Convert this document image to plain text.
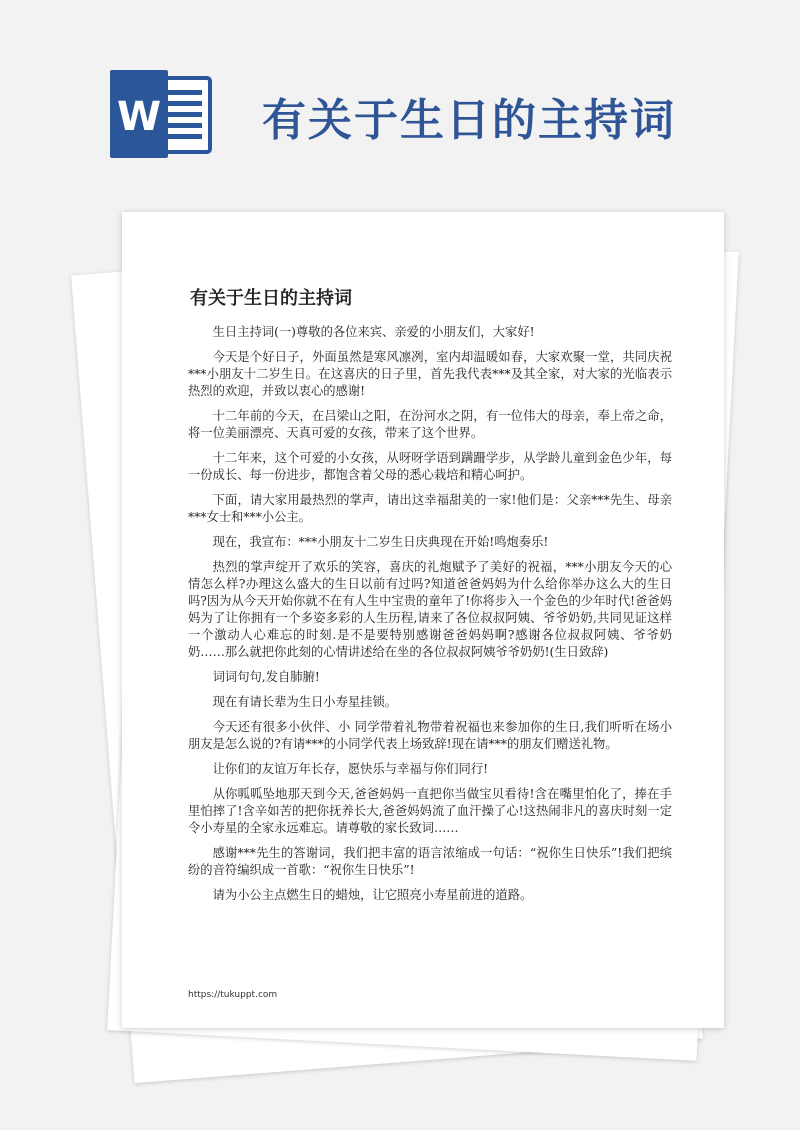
W 有关于生日的主持词
有关于生日的主持词

生日主持词(一)尊敬的各位来宾、亲爱的小朋友们，大家好!

今天是个好日子，外面虽然是寒风凛冽，室内却温暖如春，大家欢聚一堂，共同庆祝***小朋友十二岁生日。在这喜庆的日子里，首先我代表***及其全家，对大家的光临表示热烈的欢迎，并致以衷心的感谢!

十二年前的今天，在吕梁山之阳，在汾河水之阴，有一位伟大的母亲，奉上帝之命，将一位美丽漂亮、天真可爱的女孩，带来了这个世界。

十二年来，这个可爱的小女孩，从呀呀学语到蹒跚学步，从学龄儿童到金色少年，每一份成长、每一份进步，都饱含着父母的悉心栽培和精心呵护。

下面，请大家用最热烈的掌声，请出这幸福甜美的一家!他们是：父亲***先生、母亲***女士和***小公主。

现在，我宣布：***小朋友十二岁生日庆典现在开始!鸣炮奏乐!

热烈的掌声绽开了欢乐的笑容，喜庆的礼炮赋予了美好的祝福，***小朋友今天的心情怎么样?办理这么盛大的生日以前有过吗?知道爸爸妈妈为什么给你举办这么大的生日吗?因为从今天开始你就不在有人生中宝贵的童年了!你将步入一个金色的少年时代!爸爸妈妈为了让你拥有一个多姿多彩的人生历程,请来了各位叔叔阿姨、爷爷奶奶,共同见证这样一个激动人心难忘的时刻.是不是要特别感谢爸爸妈妈啊?感谢各位叔叔阿姨、爷爷奶奶……那么就把你此刻的心情讲述给在坐的各位叔叔阿姨爷爷奶奶!(生日致辞)

词词句句,发自肺腑!

现在有请长辈为生日小寿星挂锁。

今天还有很多小伙伴、小 同学带着礼物带着祝福也来参加你的生日,我们听听在场小朋友是怎么说的?有请***的小同学代表上场致辞!现在请***的朋友们赠送礼物。

让你们的友谊万年长存，愿快乐与幸福与你们同行!

从你呱呱坠地那天到今天,爸爸妈妈一直把你当做宝贝看待!含在嘴里怕化了，捧在手里怕摔了!含辛如苦的把你抚养长大,爸爸妈妈流了血汗操了心!这热闹非凡的喜庆时刻一定令小寿星的全家永远难忘。请尊敬的家长致词……

感谢***先生的答谢词，我们把丰富的语言浓缩成一句话：“祝你生日快乐”!我们把缤纷的音符编织成一首歌：“祝你生日快乐”!

请为小公主点燃生日的蜡烛，让它照亮小寿星前进的道路。

https://tukuppt.com
